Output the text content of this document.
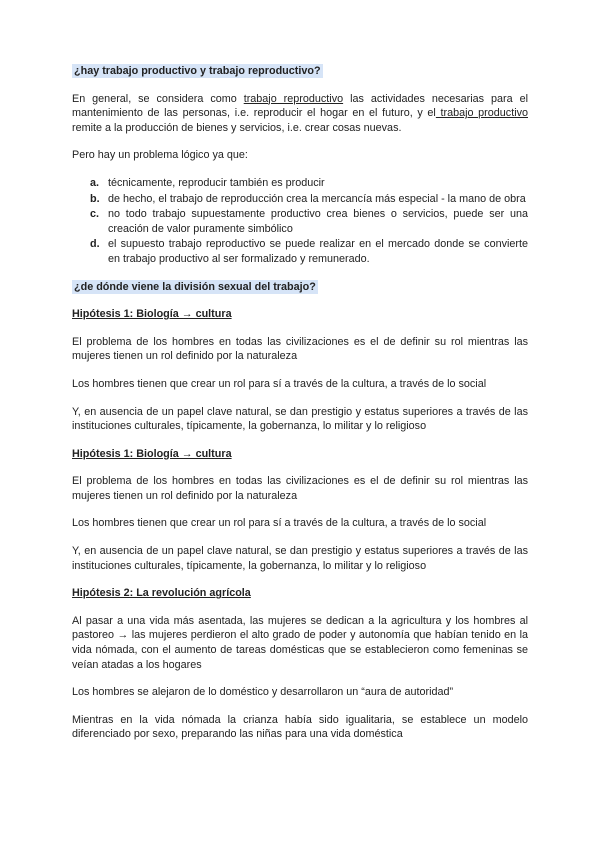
¿hay trabajo productivo y trabajo reproductivo?

En general, se considera como trabajo reproductivo las actividades necesarias para el mantenimiento de las personas, i.e. reproducir el hogar en el futuro, y el trabajo productivo remite a la producción de bienes y servicios, i.e. crear cosas nuevas.

Pero hay un problema lógico ya que:

a. técnicamente, reproducir también es producir
b. de hecho, el trabajo de reproducción crea la mercancía más especial - la mano de obra
c. no todo trabajo supuestamente productivo crea bienes o servicios, puede ser una creación de valor puramente simbólico
d. el supuesto trabajo reproductivo se puede realizar en el mercado donde se convierte en trabajo productivo al ser formalizado y remunerado.
¿de dónde viene la división sexual del trabajo?
Hipótesis 1: Biología → cultura

El problema de los hombres en todas las civilizaciones es el de definir su rol mientras las mujeres tienen un rol definido por la naturaleza

Los hombres tienen que crear un rol para sí a través de la cultura, a través de lo social

Y, en ausencia de un papel clave natural, se dan prestigio y estatus superiores a través de las instituciones culturales, típicamente, la gobernanza, lo militar y lo religioso

Hipótesis 1: Biología → cultura

El problema de los hombres en todas las civilizaciones es el de definir su rol mientras las mujeres tienen un rol definido por la naturaleza

Los hombres tienen que crear un rol para sí a través de la cultura, a través de lo social

Y, en ausencia de un papel clave natural, se dan prestigio y estatus superiores a través de las instituciones culturales, típicamente, la gobernanza, lo militar y lo religioso

Hipótesis 2: La revolución agrícola

Al pasar a una vida más asentada, las mujeres se dedican a la agricultura y los hombres al pastoreo → las mujeres perdieron el alto grado de poder y autonomía que habían tenido en la vida nómada, con el aumento de tareas domésticas que se establecieron como femeninas se veían atadas a los hogares

Los hombres se alejaron de lo doméstico y desarrollaron un “aura de autoridad”

Mientras en la vida nómada la crianza había sido igualitaria, se establece un modelo diferenciado por sexo, preparando las niñas para una vida doméstica
